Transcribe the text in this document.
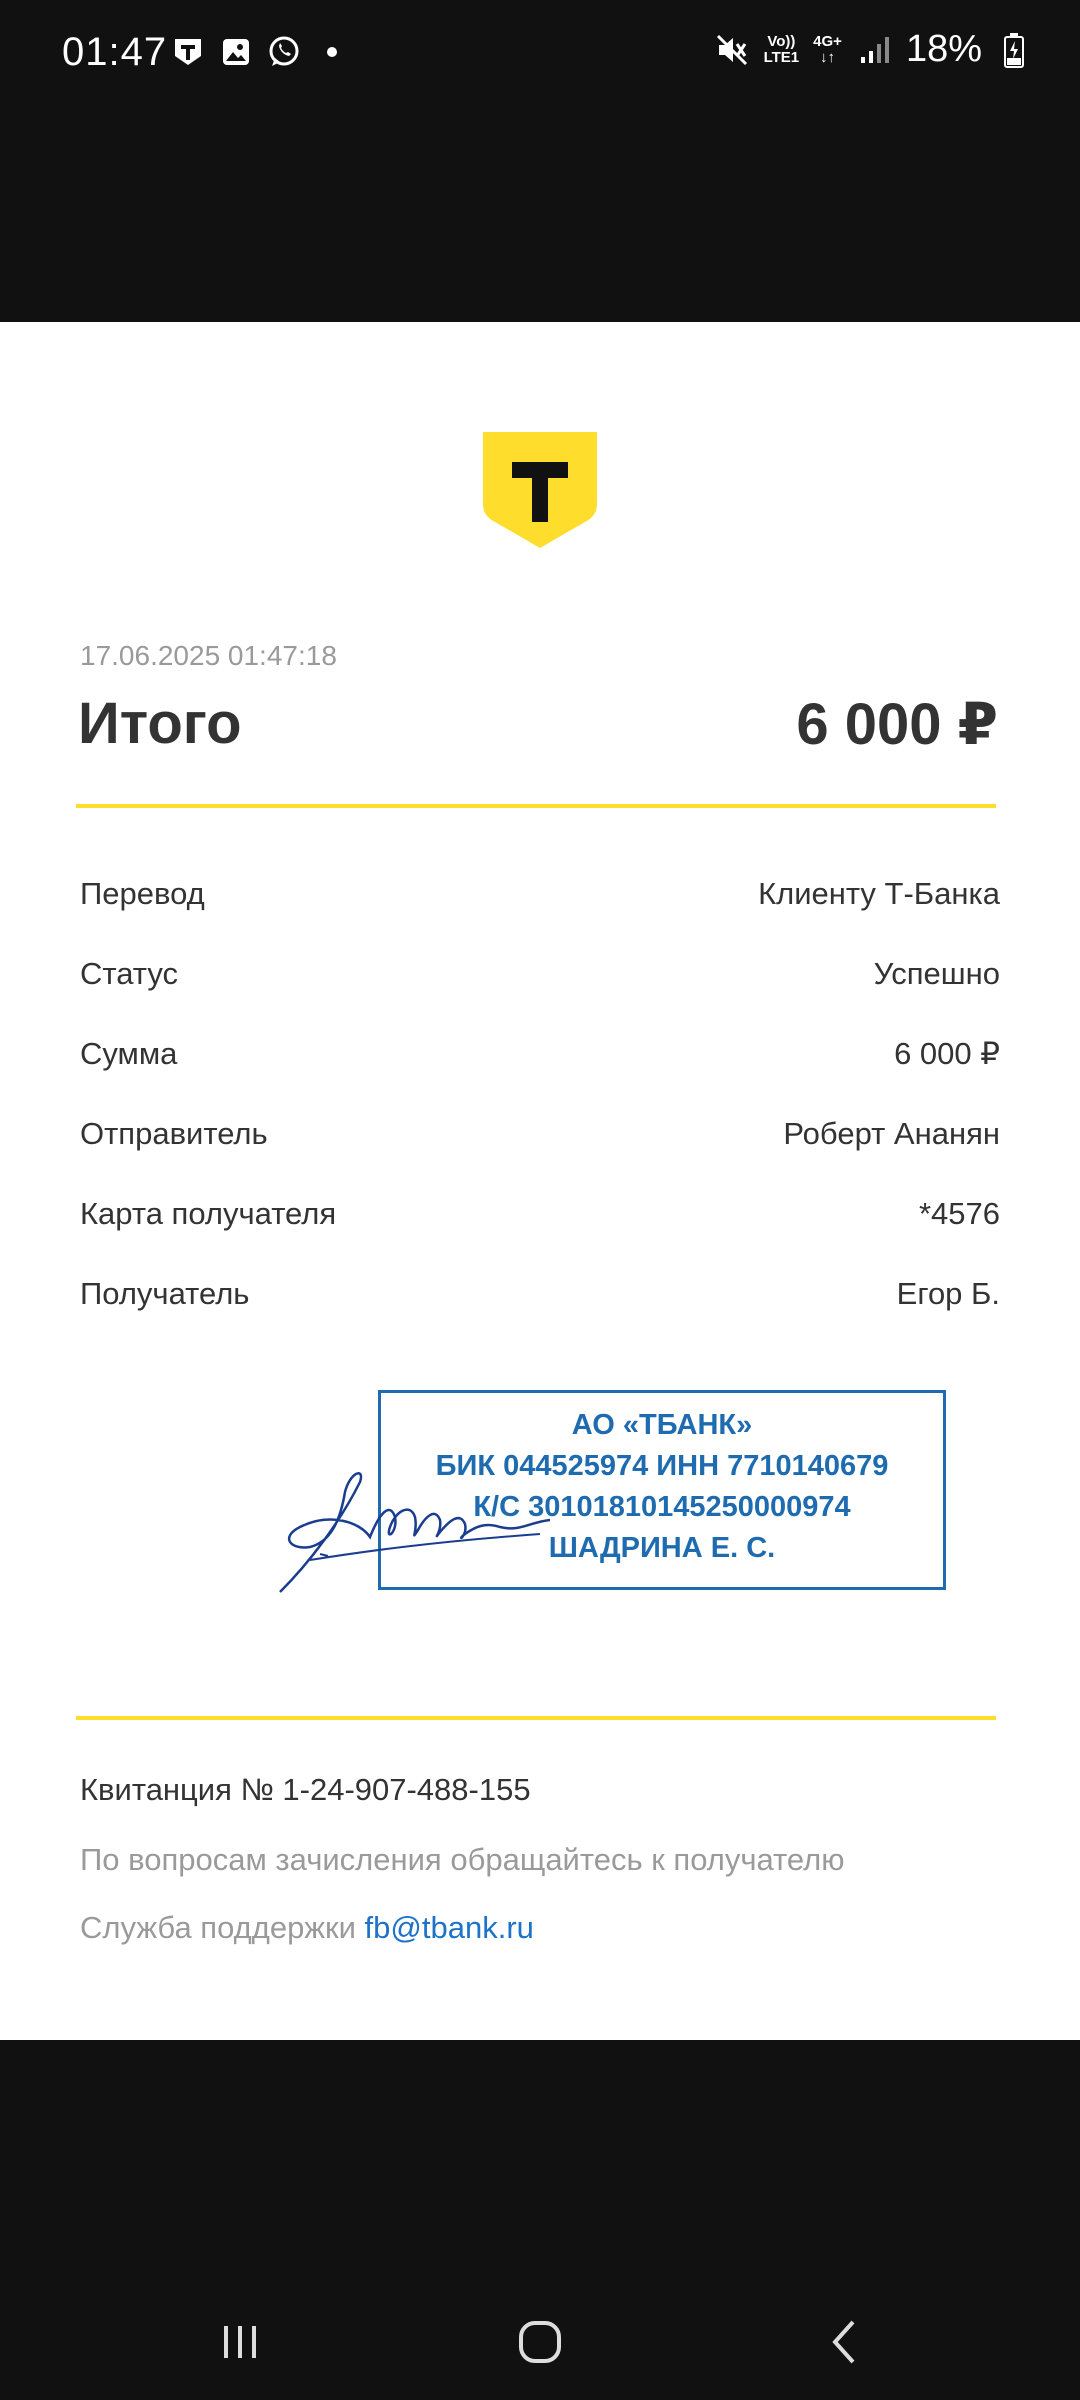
01:47	Vo))
LTE1
4G+
↓↑ 18%
17.06.2025 01:47:18
Итого	6 000 ₽
Перевод	Клиенту Т-Банка
Статус	Успешно
Сумма	6 000 ₽
Отправитель	Роберт Ананян
Карта получателя	*4576
Получатель	Егор Б.
АО «ТБАНК»
БИК 044525974 ИНН 7710140679
К/С 30101810145250000974
ШАДРИНА Е. С.
Квитанция № 1-24-907-488-155
По вопросам зачисления обращайтесь к получателю
Служба поддержки fb@tbank.ru
